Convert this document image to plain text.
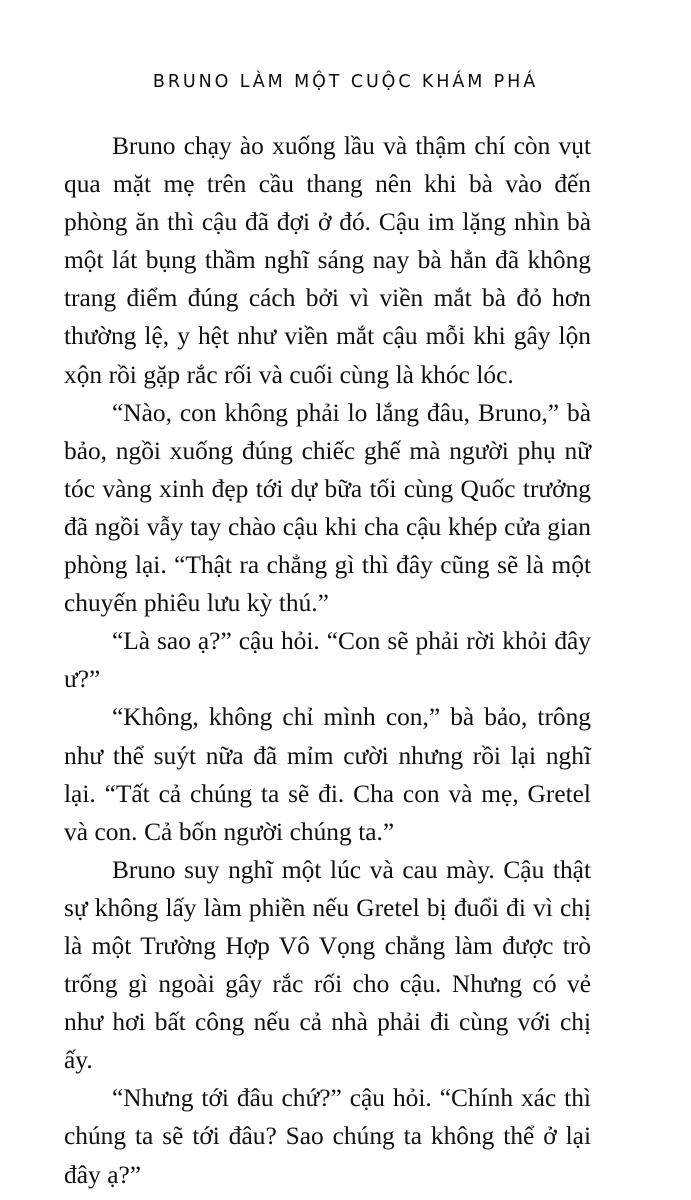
BRUNO LÀM MỘT CUỘC KHÁM PHÁ

Bruno chạy ào xuống lầu và thậm chí còn vụt qua mặt mẹ trên cầu thang nên khi bà vào đến phòng ăn thì cậu đã đợi ở đó. Cậu im lặng nhìn bà một lát bụng thầm nghĩ sáng nay bà hẳn đã không trang điểm đúng cách bởi vì viền mắt bà đỏ hơn thường lệ, y hệt như viền mắt cậu mỗi khi gây lộn xộn rồi gặp rắc rối và cuối cùng là khóc lóc.

“Nào, con không phải lo lắng đâu, Bruno,” bà bảo, ngồi xuống đúng chiếc ghế mà người phụ nữ tóc vàng xinh đẹp tới dự bữa tối cùng Quốc trưởng đã ngồi vẫy tay chào cậu khi cha cậu khép cửa gian phòng lại. “Thật ra chẳng gì thì đây cũng sẽ là một chuyến phiêu lưu kỳ thú.”

“Là sao ạ?” cậu hỏi. “Con sẽ phải rời khỏi đây ư?”

“Không, không chỉ mình con,” bà bảo, trông như thể suýt nữa đã mỉm cười nhưng rồi lại nghĩ lại. “Tất cả chúng ta sẽ đi. Cha con và mẹ, Gretel và con. Cả bốn người chúng ta.”

Bruno suy nghĩ một lúc và cau mày. Cậu thật sự không lấy làm phiền nếu Gretel bị đuổi đi vì chị là một Trường Hợp Vô Vọng chẳng làm được trò trống gì ngoài gây rắc rối cho cậu. Nhưng có vẻ như hơi bất công nếu cả nhà phải đi cùng với chị ấy.

“Nhưng tới đâu chứ?” cậu hỏi. “Chính xác thì chúng ta sẽ tới đâu? Sao chúng ta không thể ở lại đây ạ?”
